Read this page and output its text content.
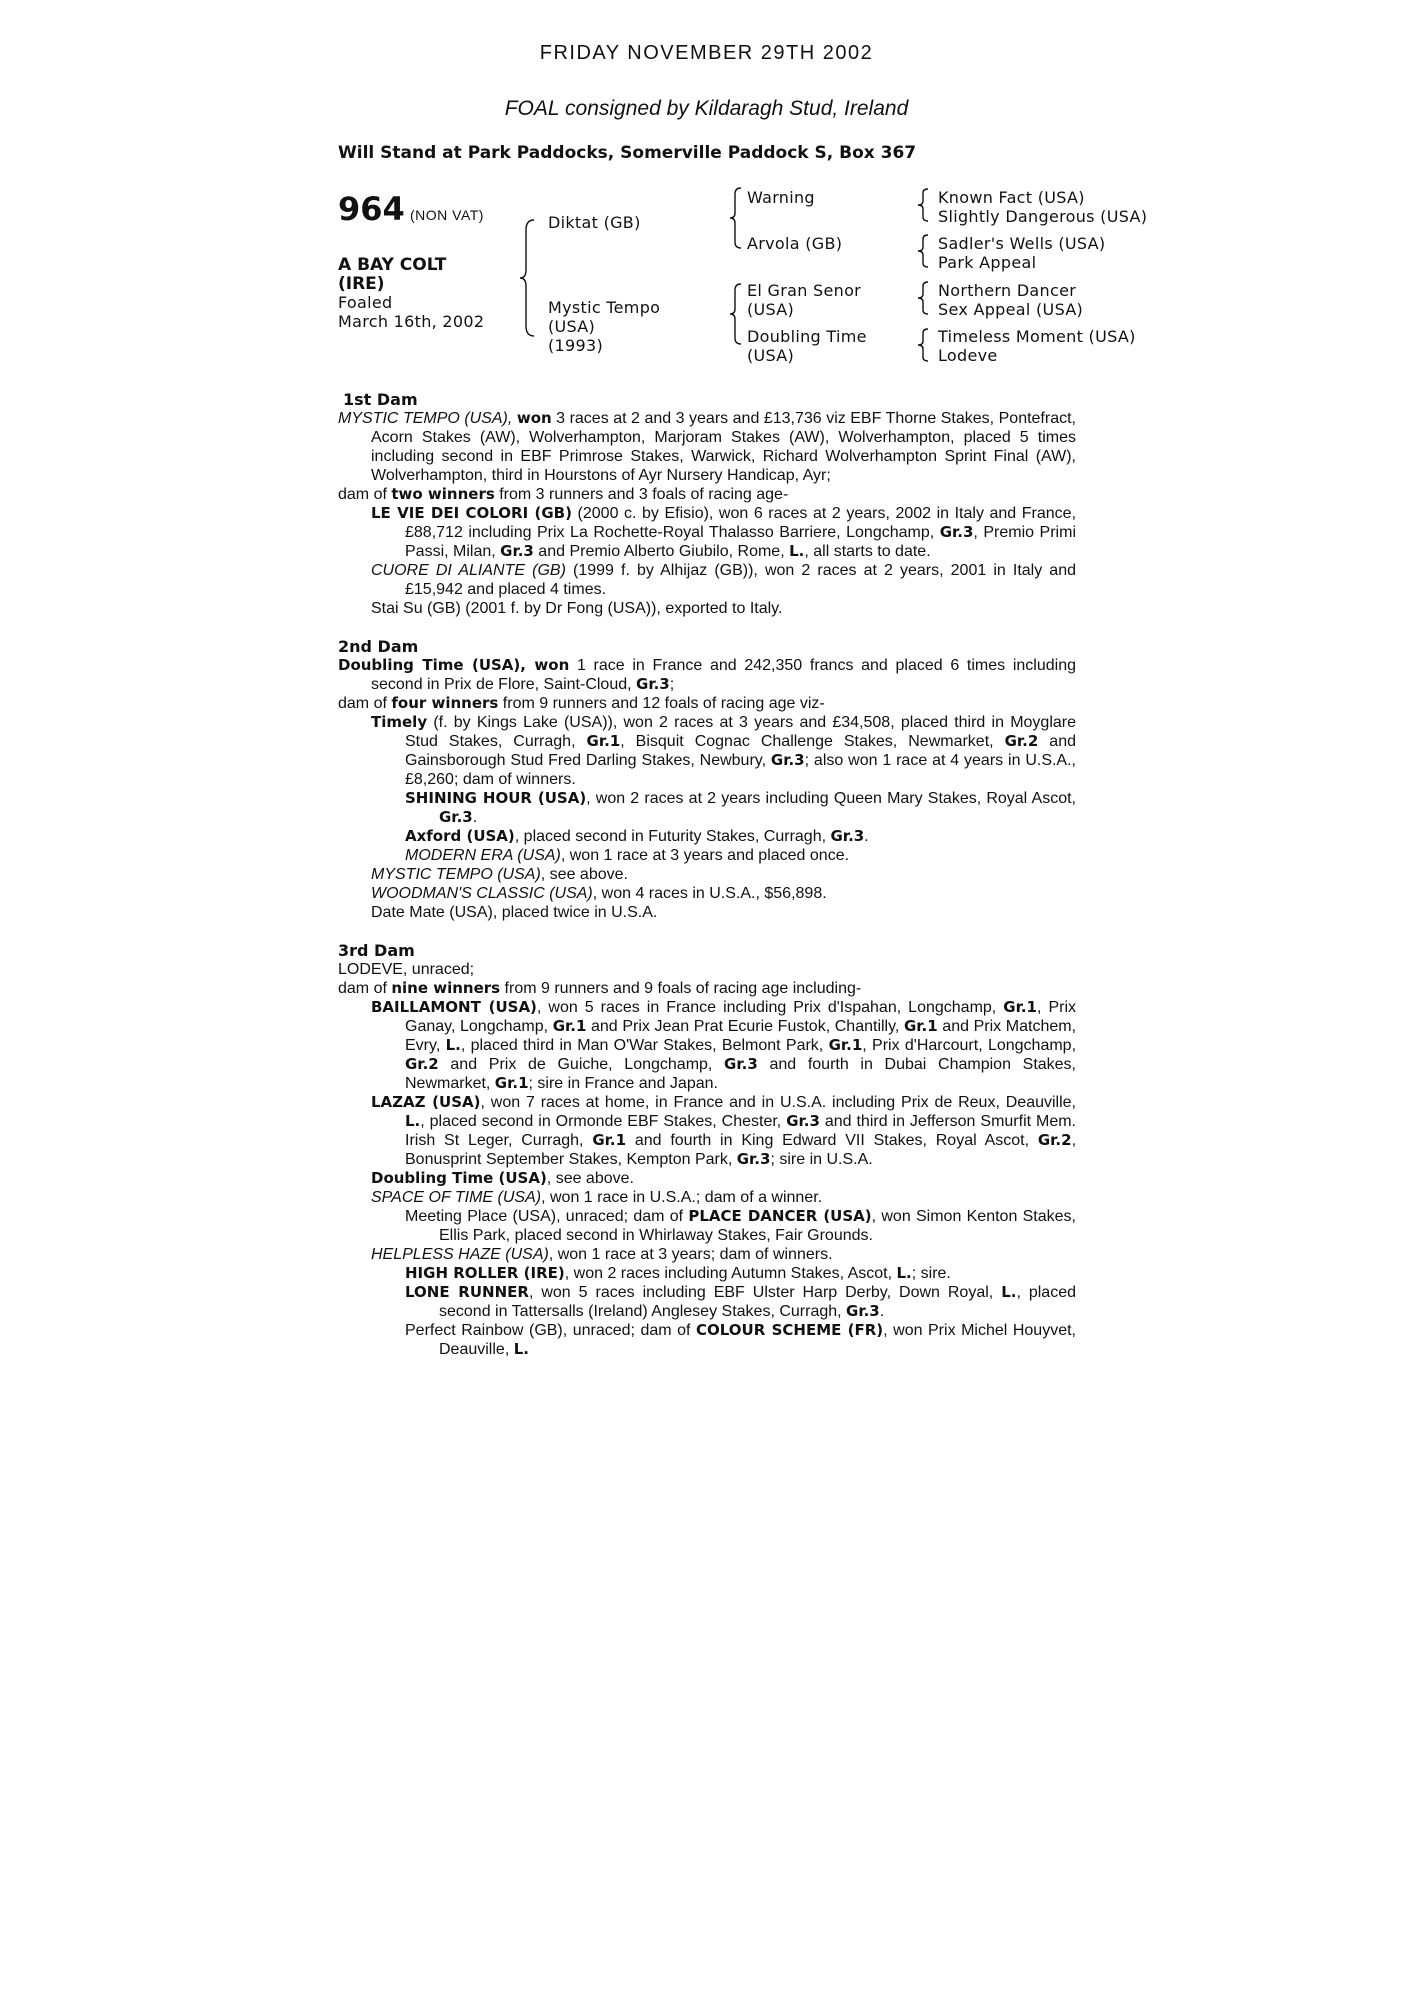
FRIDAY NOVEMBER 29TH 2002
FOAL consigned by Kildaragh Stud, Ireland
Will Stand at Park Paddocks, Somerville Paddock S, Box 367
964 (NON VAT)
A BAY COLT
(IRE)
Foaled
March 16th, 2002
Diktat (GB)
Mystic Tempo
(USA)
(1993)
Warning
Arvola (GB)
El Gran Senor
(USA)
Doubling Time
(USA)
Known Fact (USA)
Slightly Dangerous (USA)
Sadler's Wells (USA)
Park Appeal
Northern Dancer
Sex Appeal (USA)
Timeless Moment (USA)
Lodeve

1st Dam

MYSTIC TEMPO (USA), won 3 races at 2 and 3 years and £13,736 viz EBF Thorne Stakes, Pontefract, Acorn Stakes (AW), Wolverhampton, Marjoram Stakes (AW), Wolverhampton, placed 5 times including second in EBF Primrose Stakes, Warwick, Richard Wolverhampton Sprint Final (AW), Wolverhampton, third in Hourstons of Ayr Nursery Handicap, Ayr;

dam of two winners from 3 runners and 3 foals of racing age-

LE VIE DEI COLORI (GB) (2000 c. by Efisio), won 6 races at 2 years, 2002 in Italy and France, £88,712 including Prix La Rochette-Royal Thalasso Barriere, Longchamp, Gr.3, Premio Primi Passi, Milan, Gr.3 and Premio Alberto Giubilo, Rome, L., all starts to date.

CUORE DI ALIANTE (GB) (1999 f. by Alhijaz (GB)), won 2 races at 2 years, 2001 in Italy and £15,942 and placed 4 times.

Stai Su (GB) (2001 f. by Dr Fong (USA)), exported to Italy.

2nd Dam

Doubling Time (USA), won 1 race in France and 242,350 francs and placed 6 times including second in Prix de Flore, Saint-Cloud, Gr.3;

dam of four winners from 9 runners and 12 foals of racing age viz-

Timely (f. by Kings Lake (USA)), won 2 races at 3 years and £34,508, placed third in Moyglare Stud Stakes, Curragh, Gr.1, Bisquit Cognac Challenge Stakes, Newmarket, Gr.2 and Gainsborough Stud Fred Darling Stakes, Newbury, Gr.3; also won 1 race at 4 years in U.S.A., £8,260; dam of winners.

SHINING HOUR (USA), won 2 races at 2 years including Queen Mary Stakes, Royal Ascot, Gr.3.

Axford (USA), placed second in Futurity Stakes, Curragh, Gr.3.

MODERN ERA (USA), won 1 race at 3 years and placed once.

MYSTIC TEMPO (USA), see above.

WOODMAN'S CLASSIC (USA), won 4 races in U.S.A., $56,898.

Date Mate (USA), placed twice in U.S.A.

3rd Dam

LODEVE, unraced;

dam of nine winners from 9 runners and 9 foals of racing age including-

BAILLAMONT (USA), won 5 races in France including Prix d'Ispahan, Longchamp, Gr.1, Prix Ganay, Longchamp, Gr.1 and Prix Jean Prat Ecurie Fustok, Chantilly, Gr.1 and Prix Matchem, Evry, L., placed third in Man O'War Stakes, Belmont Park, Gr.1, Prix d'Harcourt, Longchamp, Gr.2 and Prix de Guiche, Longchamp, Gr.3 and fourth in Dubai Champion Stakes, Newmarket, Gr.1; sire in France and Japan.

LAZAZ (USA), won 7 races at home, in France and in U.S.A. including Prix de Reux, Deauville, L., placed second in Ormonde EBF Stakes, Chester, Gr.3 and third in Jefferson Smurfit Mem. Irish St Leger, Curragh, Gr.1 and fourth in King Edward VII Stakes, Royal Ascot, Gr.2, Bonusprint September Stakes, Kempton Park, Gr.3; sire in U.S.A.

Doubling Time (USA), see above.

SPACE OF TIME (USA), won 1 race in U.S.A.; dam of a winner.

Meeting Place (USA), unraced; dam of PLACE DANCER (USA), won Simon Kenton Stakes, Ellis Park, placed second in Whirlaway Stakes, Fair Grounds.

HELPLESS HAZE (USA), won 1 race at 3 years; dam of winners.

HIGH ROLLER (IRE), won 2 races including Autumn Stakes, Ascot, L.; sire.

LONE RUNNER, won 5 races including EBF Ulster Harp Derby, Down Royal, L., placed second in Tattersalls (Ireland) Anglesey Stakes, Curragh, Gr.3.

Perfect Rainbow (GB), unraced; dam of COLOUR SCHEME (FR), won Prix Michel Houyvet, Deauville, L.
